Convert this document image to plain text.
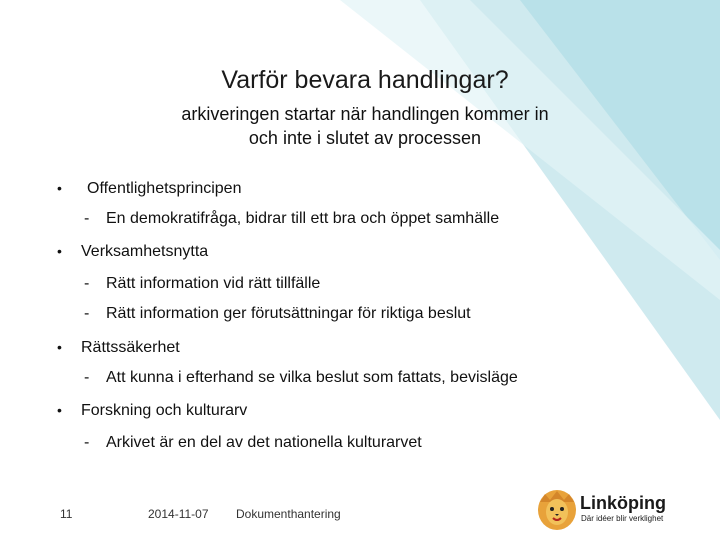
Varför bevara handlingar?
arkiveringen startar när handlingen kommer in
och inte i slutet av processen
• Offentlighetsprincipen
- En demokratifråga, bidrar till ett bra och öppet samhälle
• Verksamhetsnytta
- Rätt information vid rätt tillfälle
- Rätt information ger förutsättningar för riktiga beslut
• Rättssäkerhet
- Att kunna i efterhand se vilka beslut som fattats, bevisläge
• Forskning och kulturarv
- Arkivet är en del av det nationella kulturarvet
11	2014-11-07 Dokumenthantering
Linköping
Där idéer blir verklighet
